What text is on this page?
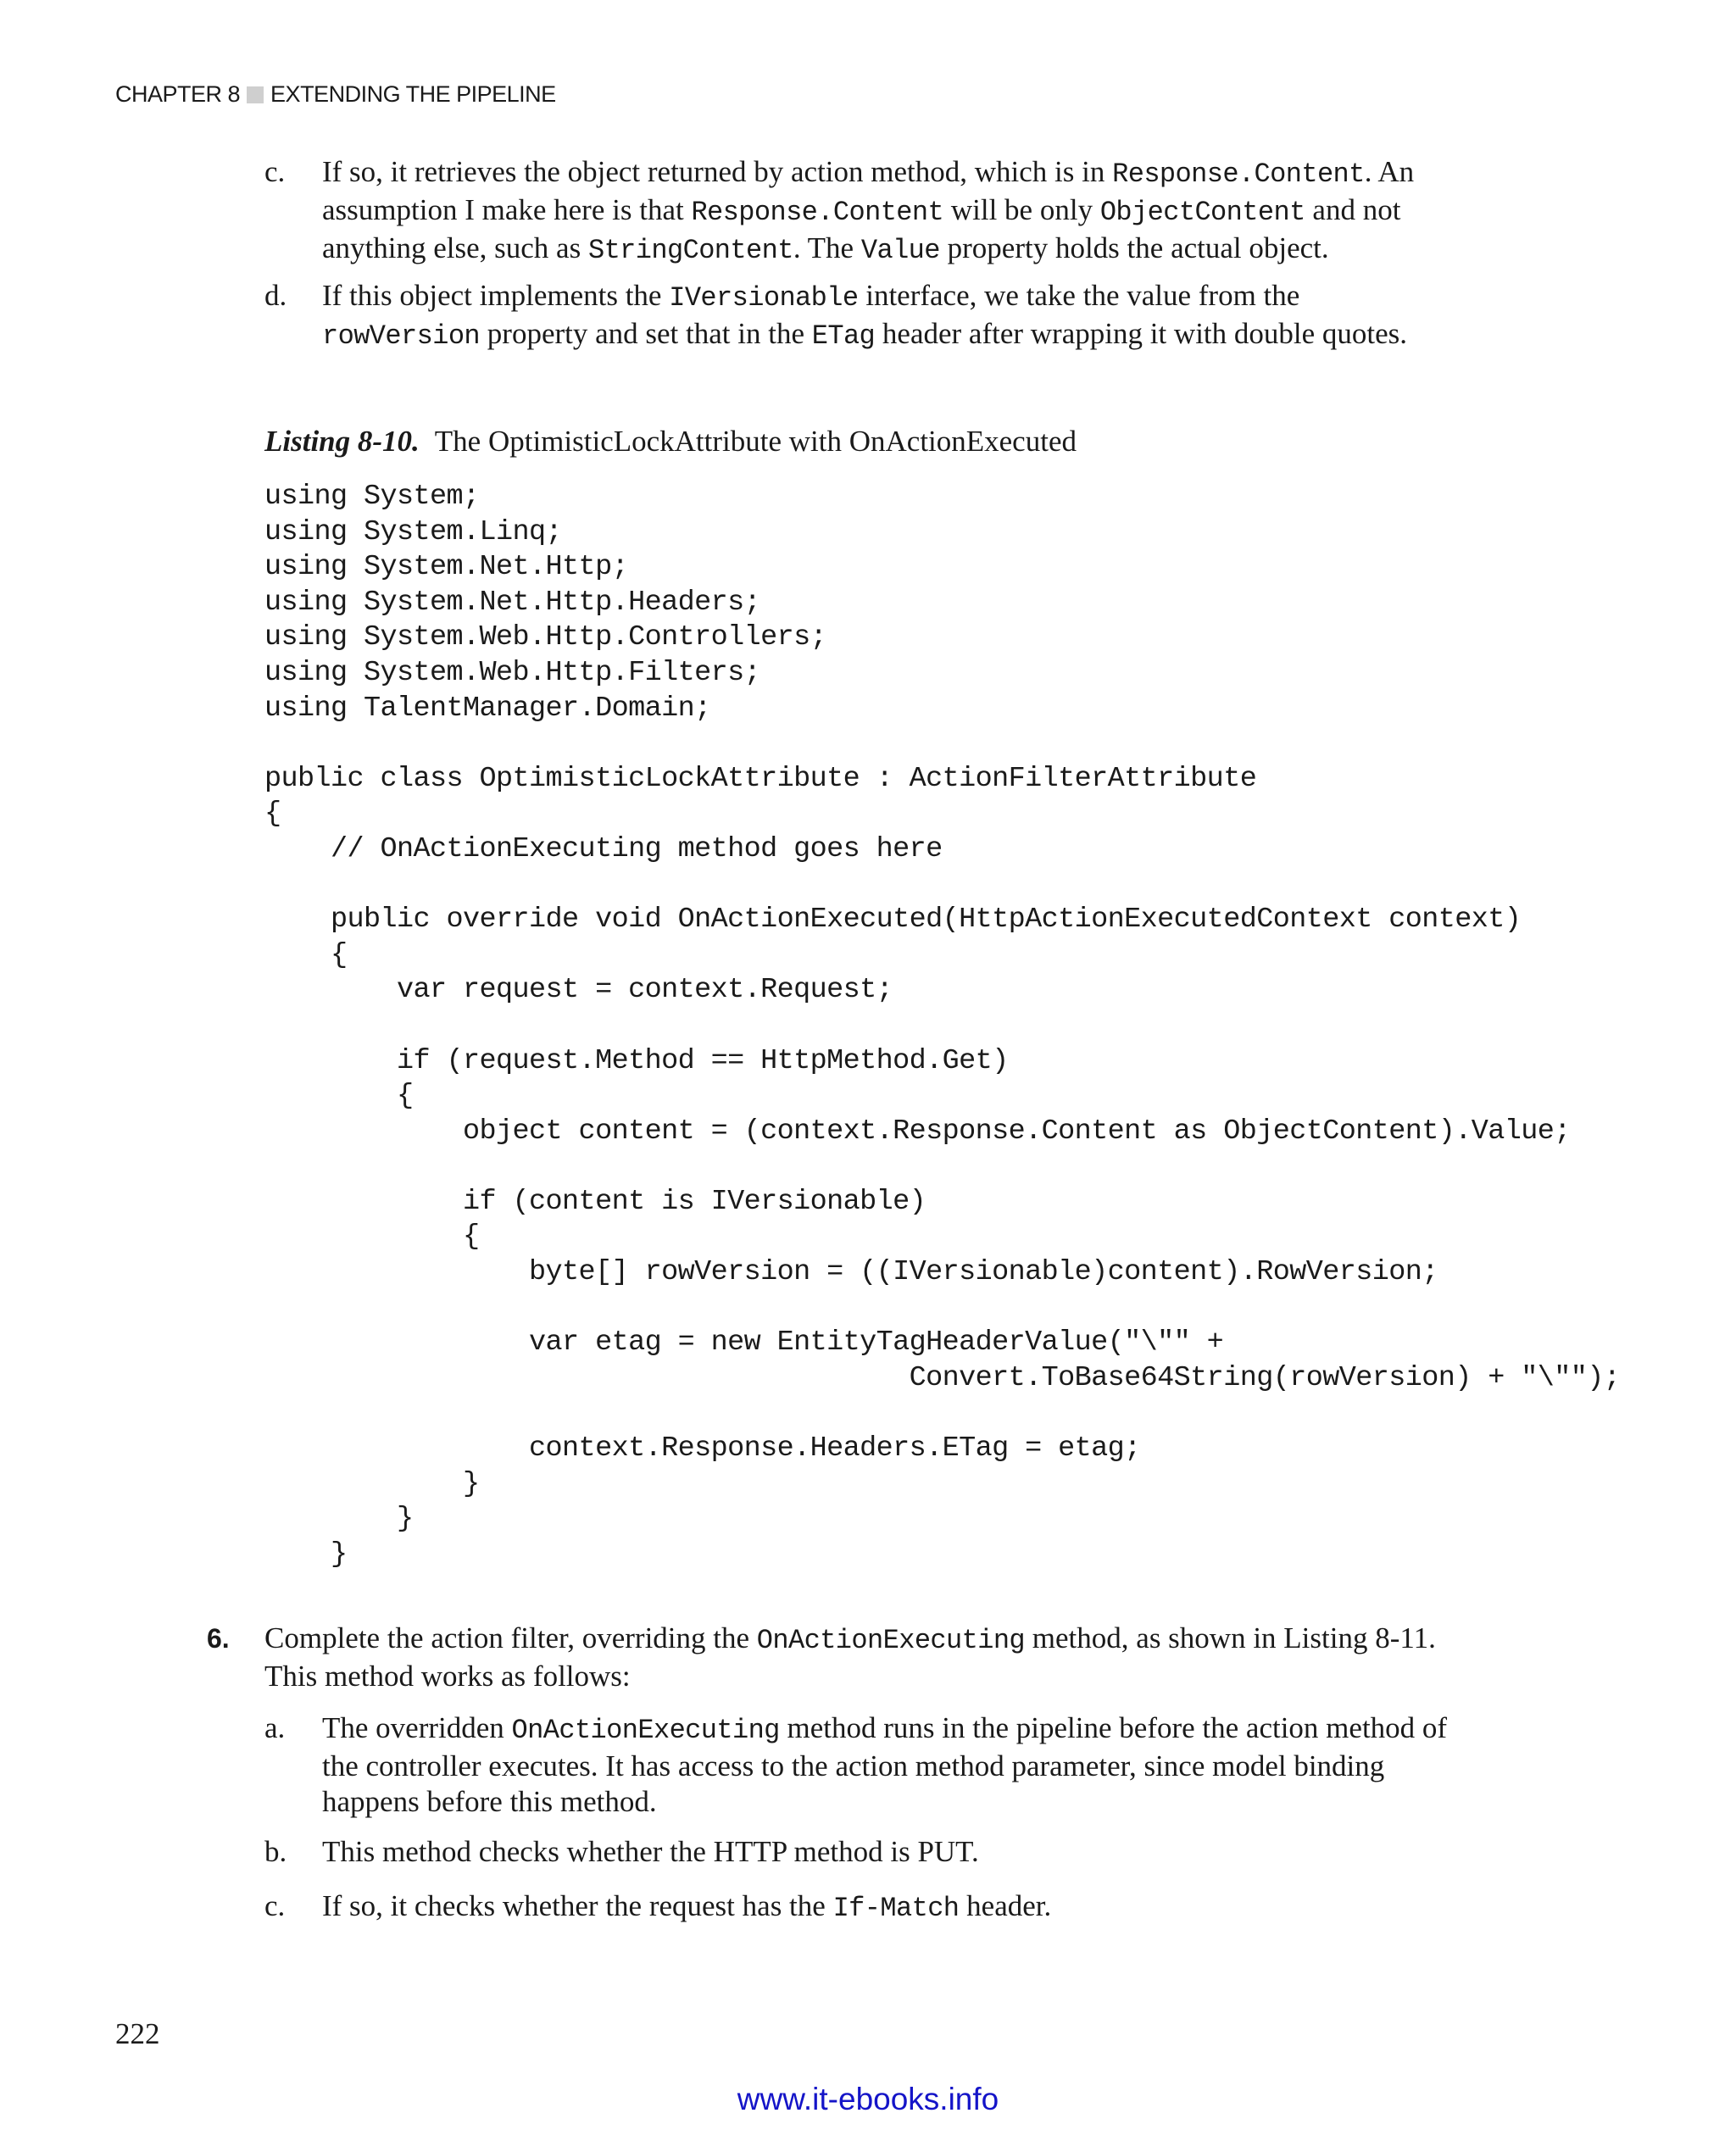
CHAPTER 8 EXTENDING THE PIPELINE
c. If so, it retrieves the object returned by action method, which is in Response.Content. An assumption I make here is that Response.Content will be only ObjectContent and not anything else, such as StringContent. The Value property holds the actual object.
d. If this object implements the IVersionable interface, we take the value from the rowVersion property and set that in the ETag header after wrapping it with double quotes.
Listing 8-10. The OptimisticLockAttribute with OnActionExecuted
using System;
using System.Linq;
using System.Net.Http;
using System.Net.Http.Headers;
using System.Web.Http.Controllers;
using System.Web.Http.Filters;
using TalentManager.Domain;
public class OptimisticLockAttribute : ActionFilterAttribute
{
// OnActionExecuting method goes here
public override void OnActionExecuted(HttpActionExecutedContext context)
{
var request = context.Request;
if (request.Method == HttpMethod.Get)
{
object content = (context.Response.Content as ObjectContent).Value;
if (content is IVersionable)
{
byte[] rowVersion = ((IVersionable)content).RowVersion;
var etag = new EntityTagHeaderValue("\"" +
Convert.ToBase64String(rowVersion) + "\"");
context.Response.Headers.ETag = etag;
}
}
}
6. Complete the action filter, overriding the OnActionExecuting method, as shown in Listing 8-11. This method works as follows:
a. The overridden OnActionExecuting method runs in the pipeline before the action method of the controller executes. It has access to the action method parameter, since model binding happens before this method.
b. This method checks whether the HTTP method is PUT.
c. If so, it checks whether the request has the If-Match header.
222
www.it-ebooks.info
